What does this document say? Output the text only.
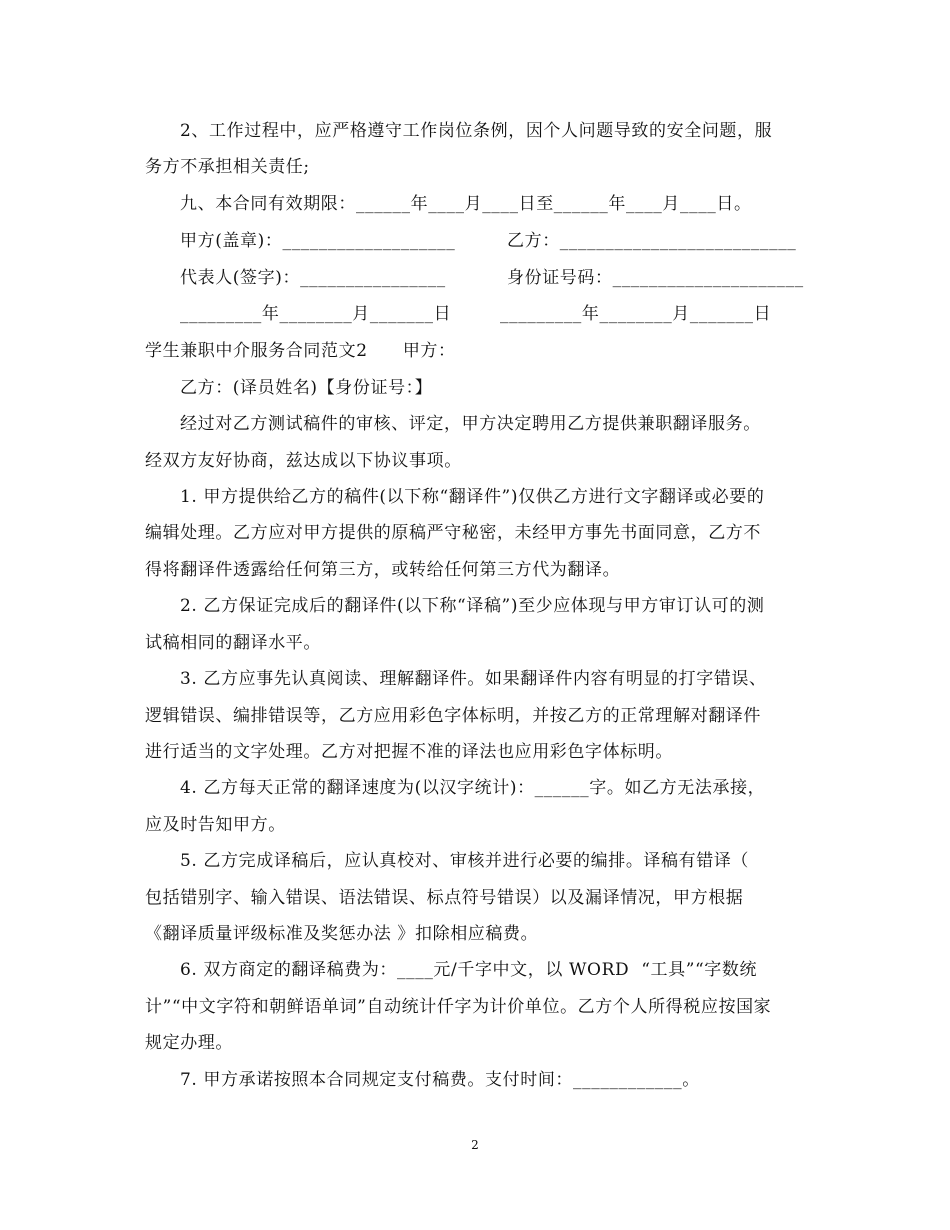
2、工作过程中，应严格遵守工作岗位条例，因个人问题导致的安全问题，服
务方不承担相关责任;
九、本合同有效期限：______年____月____日至______年____月____日。
甲方(盖章)：___________________	乙方：__________________________
代表人(签字)：________________	身份证号码：_____________________
_________年________月_______日	_________年________月_______日
学生兼职中介服务合同范文2　　甲方：
乙方：(译员姓名)【身份证号：】
经过对乙方测试稿件的审核、评定，甲方决定聘用乙方提供兼职翻译服务。
经双方友好协商，兹达成以下协议事项。
1. 甲方提供给乙方的稿件(以下称“翻译件”)仅供乙方进行文字翻译或必要的
编辑处理。乙方应对甲方提供的原稿严守秘密，未经甲方事先书面同意，乙方不
得将翻译件透露给任何第三方，或转给任何第三方代为翻译。
2. 乙方保证完成后的翻译件(以下称“译稿”)至少应体现与甲方审订认可的测
试稿相同的翻译水平。
3. 乙方应事先认真阅读、理解翻译件。如果翻译件内容有明显的打字错误、
逻辑错误、编排错误等，乙方应用彩色字体标明，并按乙方的正常理解对翻译件
进行适当的文字处理。乙方对把握不准的译法也应用彩色字体标明。
4. 乙方每天正常的翻译速度为(以汉字统计)：______字。如乙方无法承接，
应及时告知甲方。
5. 乙方完成译稿后，应认真校对、审核并进行必要的编排。译稿有错译（
包括错别字、输入错误、语法错误、标点符号错误）以及漏译情况，甲方根据
《翻译质量评级标准及奖惩办法 》扣除相应稿费。
6. 双方商定的翻译稿费为：____元/千字中文，以 WORD  “工具”“字数统
计”“中文字符和朝鲜语单词”自动统计仟字为计价单位。乙方个人所得税应按国家
规定办理。
7. 甲方承诺按照本合同规定支付稿费。支付时间：____________。
2
